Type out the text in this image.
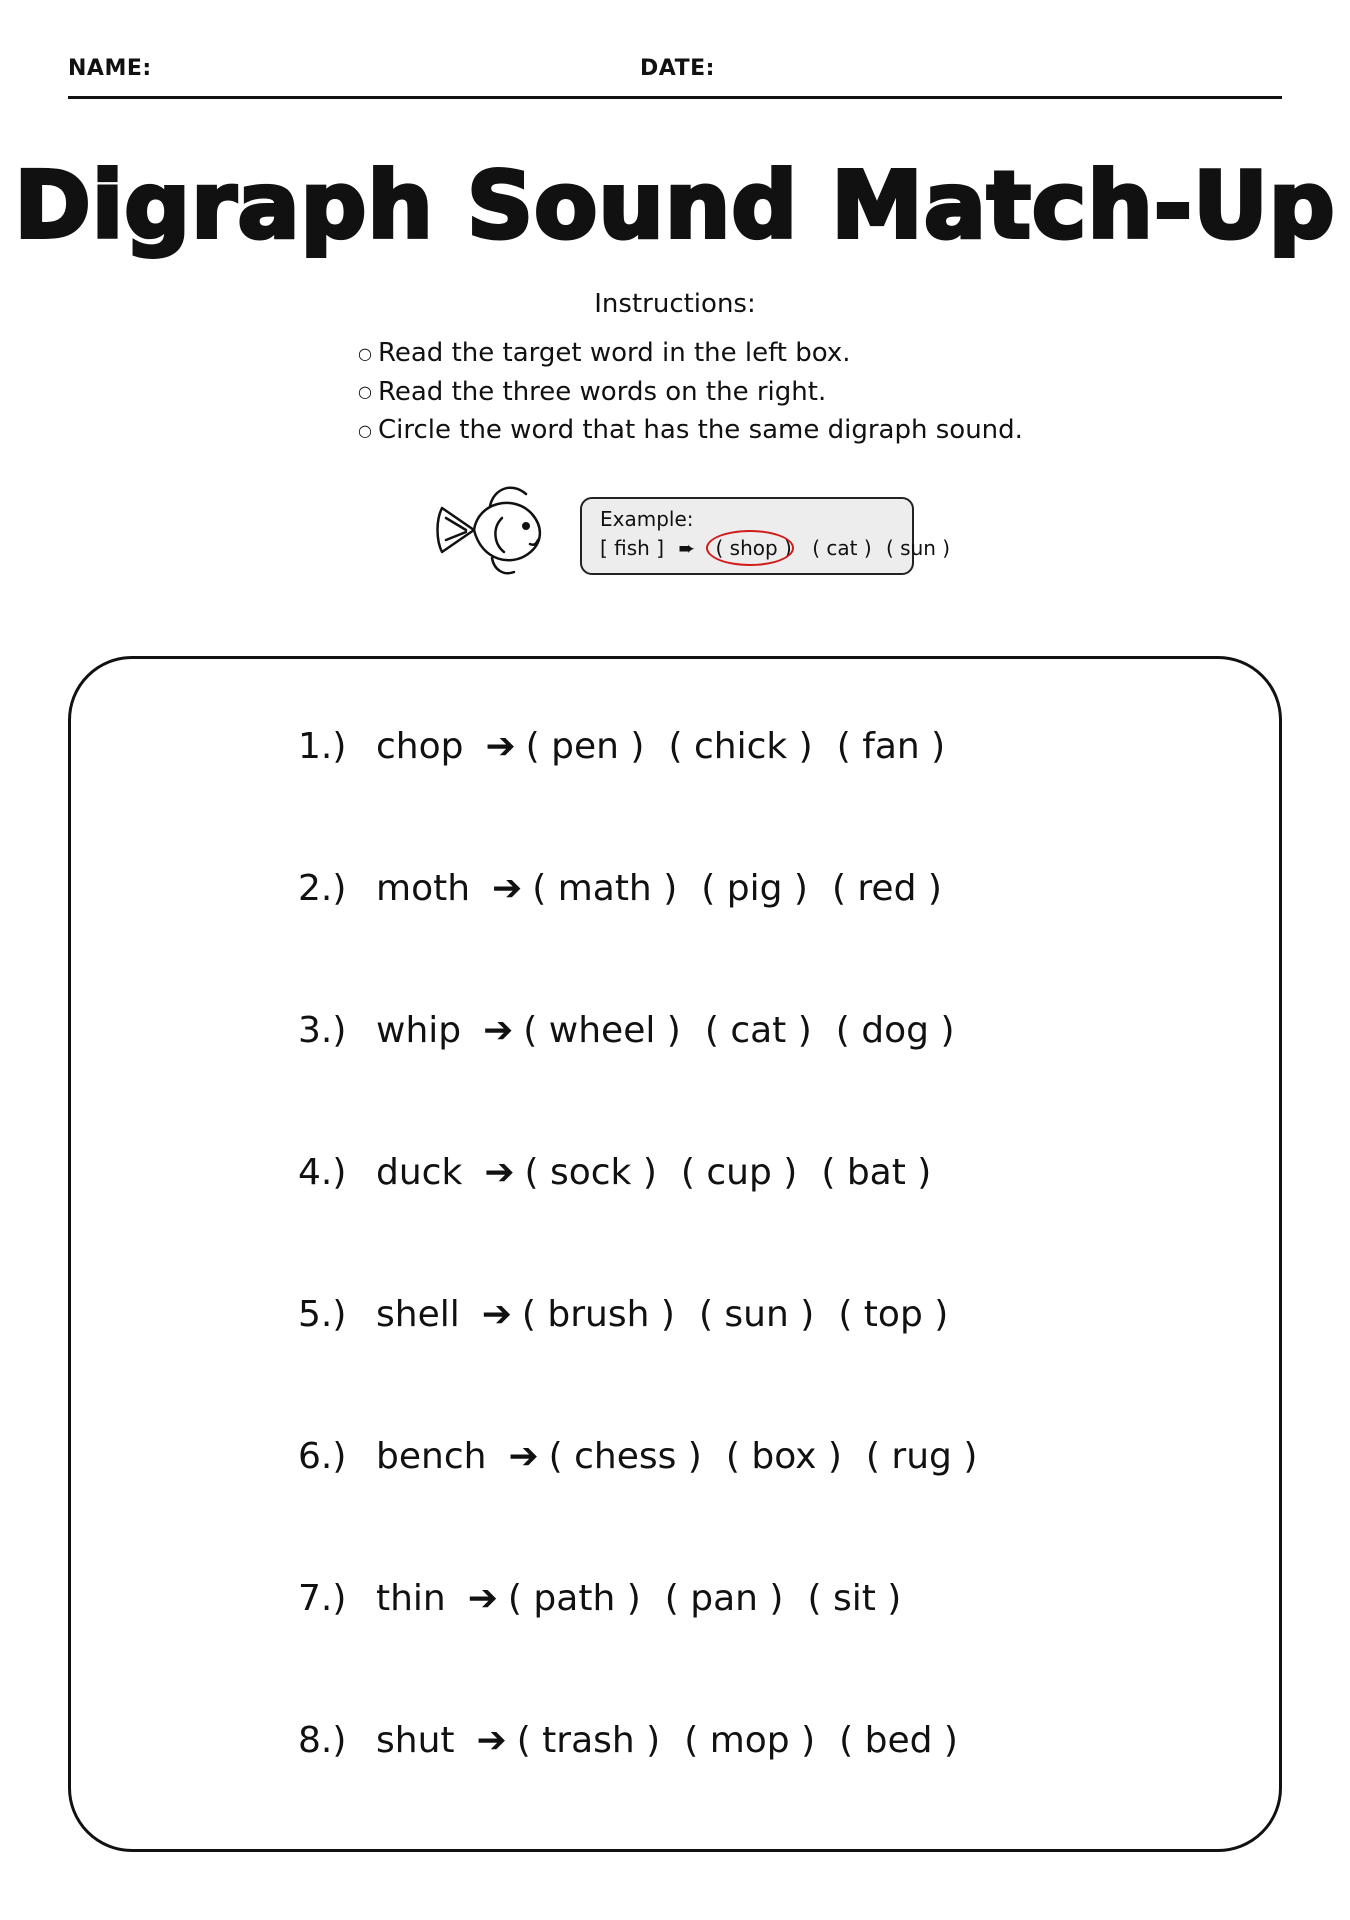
NAME:	DATE:
Digraph Sound Match-Up
Instructions:
○ Read the target word in the left box.
○ Read the three words on the right.
○ Circle the word that has the same digraph sound.
Example:
[ fish ] ➨ ( shop ) ( cat ) ( sun )
1.) chop ➔ ( pen ) ( chick ) ( fan )
2.) moth ➔ ( math ) ( pig ) ( red )
3.) whip ➔ ( wheel ) ( cat ) ( dog )
4.) duck ➔ ( sock ) ( cup ) ( bat )
5.) shell ➔ ( brush ) ( sun ) ( top )
6.) bench ➔ ( chess ) ( box ) ( rug )
7.) thin ➔ ( path ) ( pan ) ( sit )
8.) shut ➔ ( trash ) ( mop ) ( bed )
